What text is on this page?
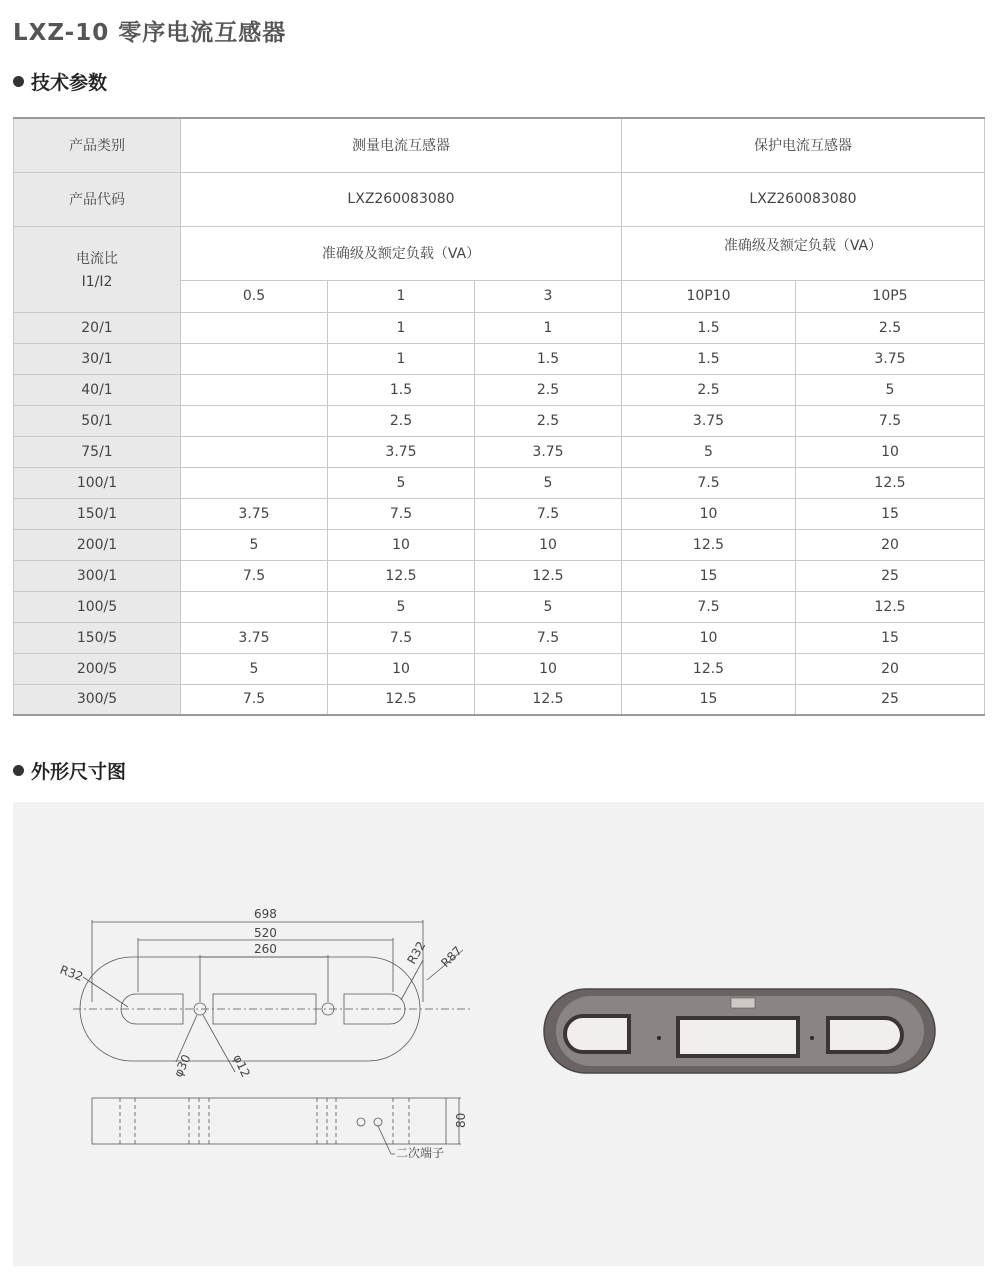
LXZ-10 零序电流互感器
技术参数
产品类别	测量电流互感器			保护电流互感器	
产品代码	LXZ260083080			LXZ260083080	

电流比
I1/I2	准确级及额定负载（VA）			准确级及额定负载（VA）	
	0.5	1	3	10P10	10P5
20/1		1	1	1.5	2.5
30/1		1	1.5	1.5	3.75
40/1		1.5	2.5	2.5	5
50/1		2.5	2.5	3.75	7.5
75/1		3.75	3.75	5	10
100/1		5	5	7.5	12.5
150/1	3.75	7.5	7.5	10	15
200/1	5	10	10	12.5	20
300/1	7.5	12.5	12.5	15	25
100/5		5	5	7.5	12.5
150/5	3.75	7.5	7.5	10	15
200/5	5	10	10	12.5	20
300/5	7.5	12.5	12.5	15	25
外形尺寸图
698
520
260
R32
R32 R87
φ30	φ12
80
二次端子
